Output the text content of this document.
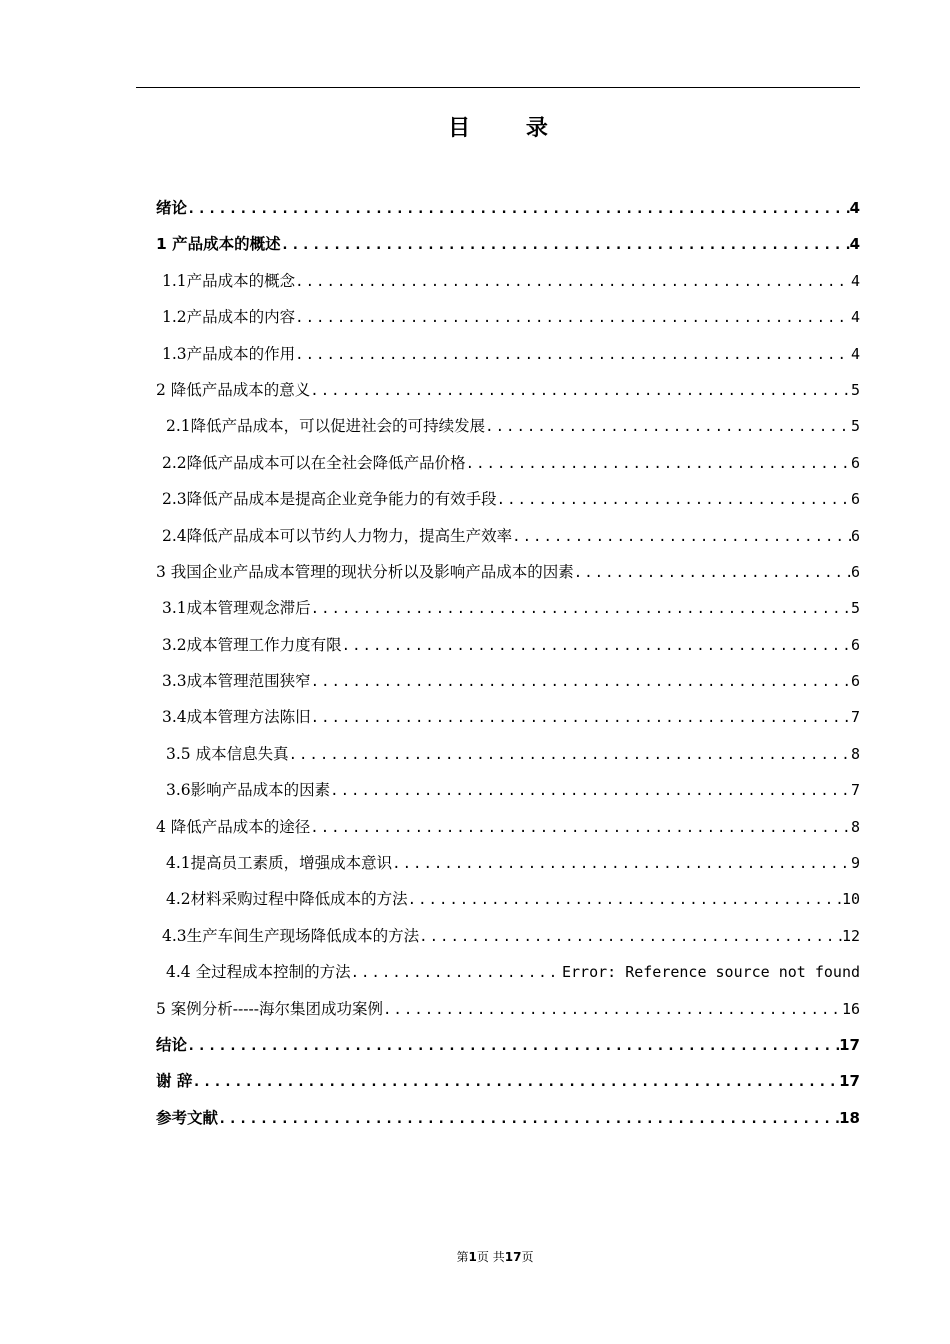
目 录
绪论 .....	4
1 产品成本的概述 .....	4
1.1产品成本的概念 .....	4
1.2产品成本的内容 .....	4
1.3产品成本的作用 .....	4
2 降低产品成本的意义 .....	5
2.1降低产品成本，可以促进社会的可持续发展 .....	5
2.2降低产品成本可以在全社会降低产品价格 .....	6
2.3降低产品成本是提高企业竞争能力的有效手段 .....	6
2.4降低产品成本可以节约人力物力，提高生产效率 .....	6
3 我国企业产品成本管理的现状分析以及影响产品成本的因素 .....	6
3.1成本管理观念滞后 .....	5
3.2成本管理工作力度有限 .....	6
3.3成本管理范围狭窄 .....	6
3.4成本管理方法陈旧 .....	7
3.5 成本信息失真 .....	8
3.6影响产品成本的因素 .....	7
4 降低产品成本的途径 .....	8
4.1提高员工素质，增强成本意识 .....	9
4.2材料采购过程中降低成本的方法 .....	10
4.3生产车间生产现场降低成本的方法 .....	12
4.4 全过程成本控制的方法 .....	Error: Reference source not found
5 案例分析-----海尔集团成功案例 .....	16
结论 .....	17
谢 辞 .....	17
参考文献 .....	18
第1页 共17页
